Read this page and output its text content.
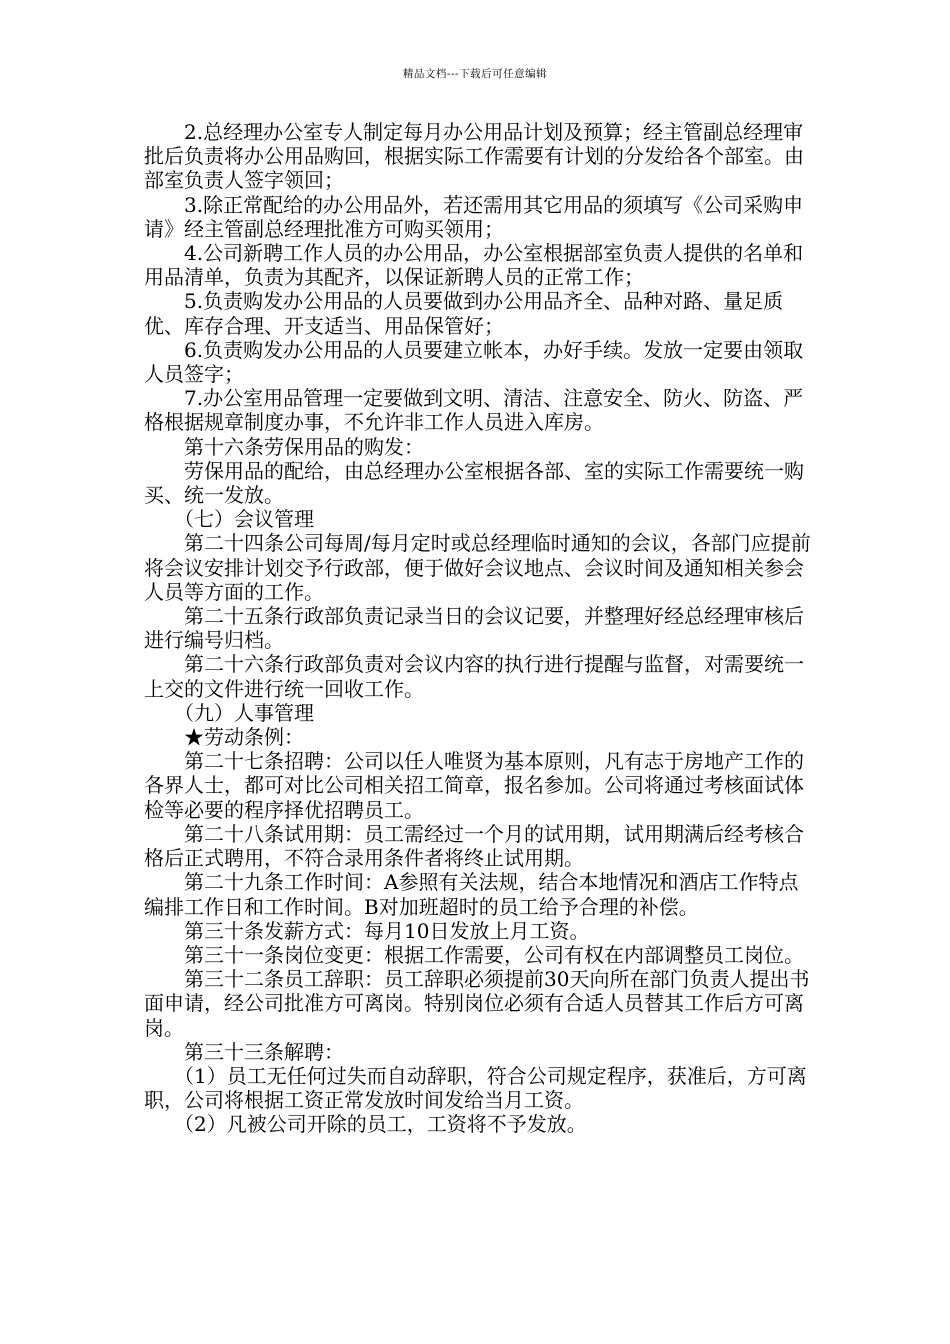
精品文档---下载后可任意编辑

2.总经理办公室专人制定每月办公用品计划及预算；经主管副总经理审批后负责将办公用品购回，根据实际工作需要有计划的分发给各个部室。由部室负责人签字领回；

3.除正常配给的办公用品外，若还需用其它用品的须填写《公司采购申请》经主管副总经理批准方可购买领用；

4.公司新聘工作人员的办公用品，办公室根据部室负责人提供的名单和用品清单，负责为其配齐，以保证新聘人员的正常工作；

5.负责购发办公用品的人员要做到办公用品齐全、品种对路、量足质优、库存合理、开支适当、用品保管好；

6.负责购发办公用品的人员要建立帐本，办好手续。发放一定要由领取人员签字；

7.办公室用品管理一定要做到文明、清洁、注意安全、防火、防盗、严格根据规章制度办事，不允许非工作人员进入库房。

第十六条劳保用品的购发：

劳保用品的配给，由总经理办公室根据各部、室的实际工作需要统一购买、统一发放。

（七）会议管理

第二十四条公司每周/每月定时或总经理临时通知的会议，各部门应提前将会议安排计划交予行政部，便于做好会议地点、会议时间及通知相关参会人员等方面的工作。

第二十五条行政部负责记录当日的会议记要，并整理好经总经理审核后进行编号归档。

第二十六条行政部负责对会议内容的执行进行提醒与监督，对需要统一上交的文件进行统一回收工作。

（九）人事管理

★劳动条例：

第二十七条招聘：公司以任人唯贤为基本原则，凡有志于房地产工作的各界人士，都可对比公司相关招工简章，报名参加。公司将通过考核面试体检等必要的程序择优招聘员工。

第二十八条试用期：员工需经过一个月的试用期，试用期满后经考核合格后正式聘用，不符合录用条件者将终止试用期。

第二十九条工作时间：A参照有关法规，结合本地情况和酒店工作特点编排工作日和工作时间。B对加班超时的员工给予合理的补偿。

第三十条发薪方式：每月10日发放上月工资。

第三十一条岗位变更：根据工作需要，公司有权在内部调整员工岗位。

第三十二条员工辞职：员工辞职必须提前30天向所在部门负责人提出书面申请，经公司批准方可离岗。特别岗位必须有合适人员替其工作后方可离岗。

第三十三条解聘：

（1）员工无任何过失而自动辞职，符合公司规定程序，获准后，方可离职，公司将根据工资正常发放时间发给当月工资。

（2）凡被公司开除的员工，工资将不予发放。
